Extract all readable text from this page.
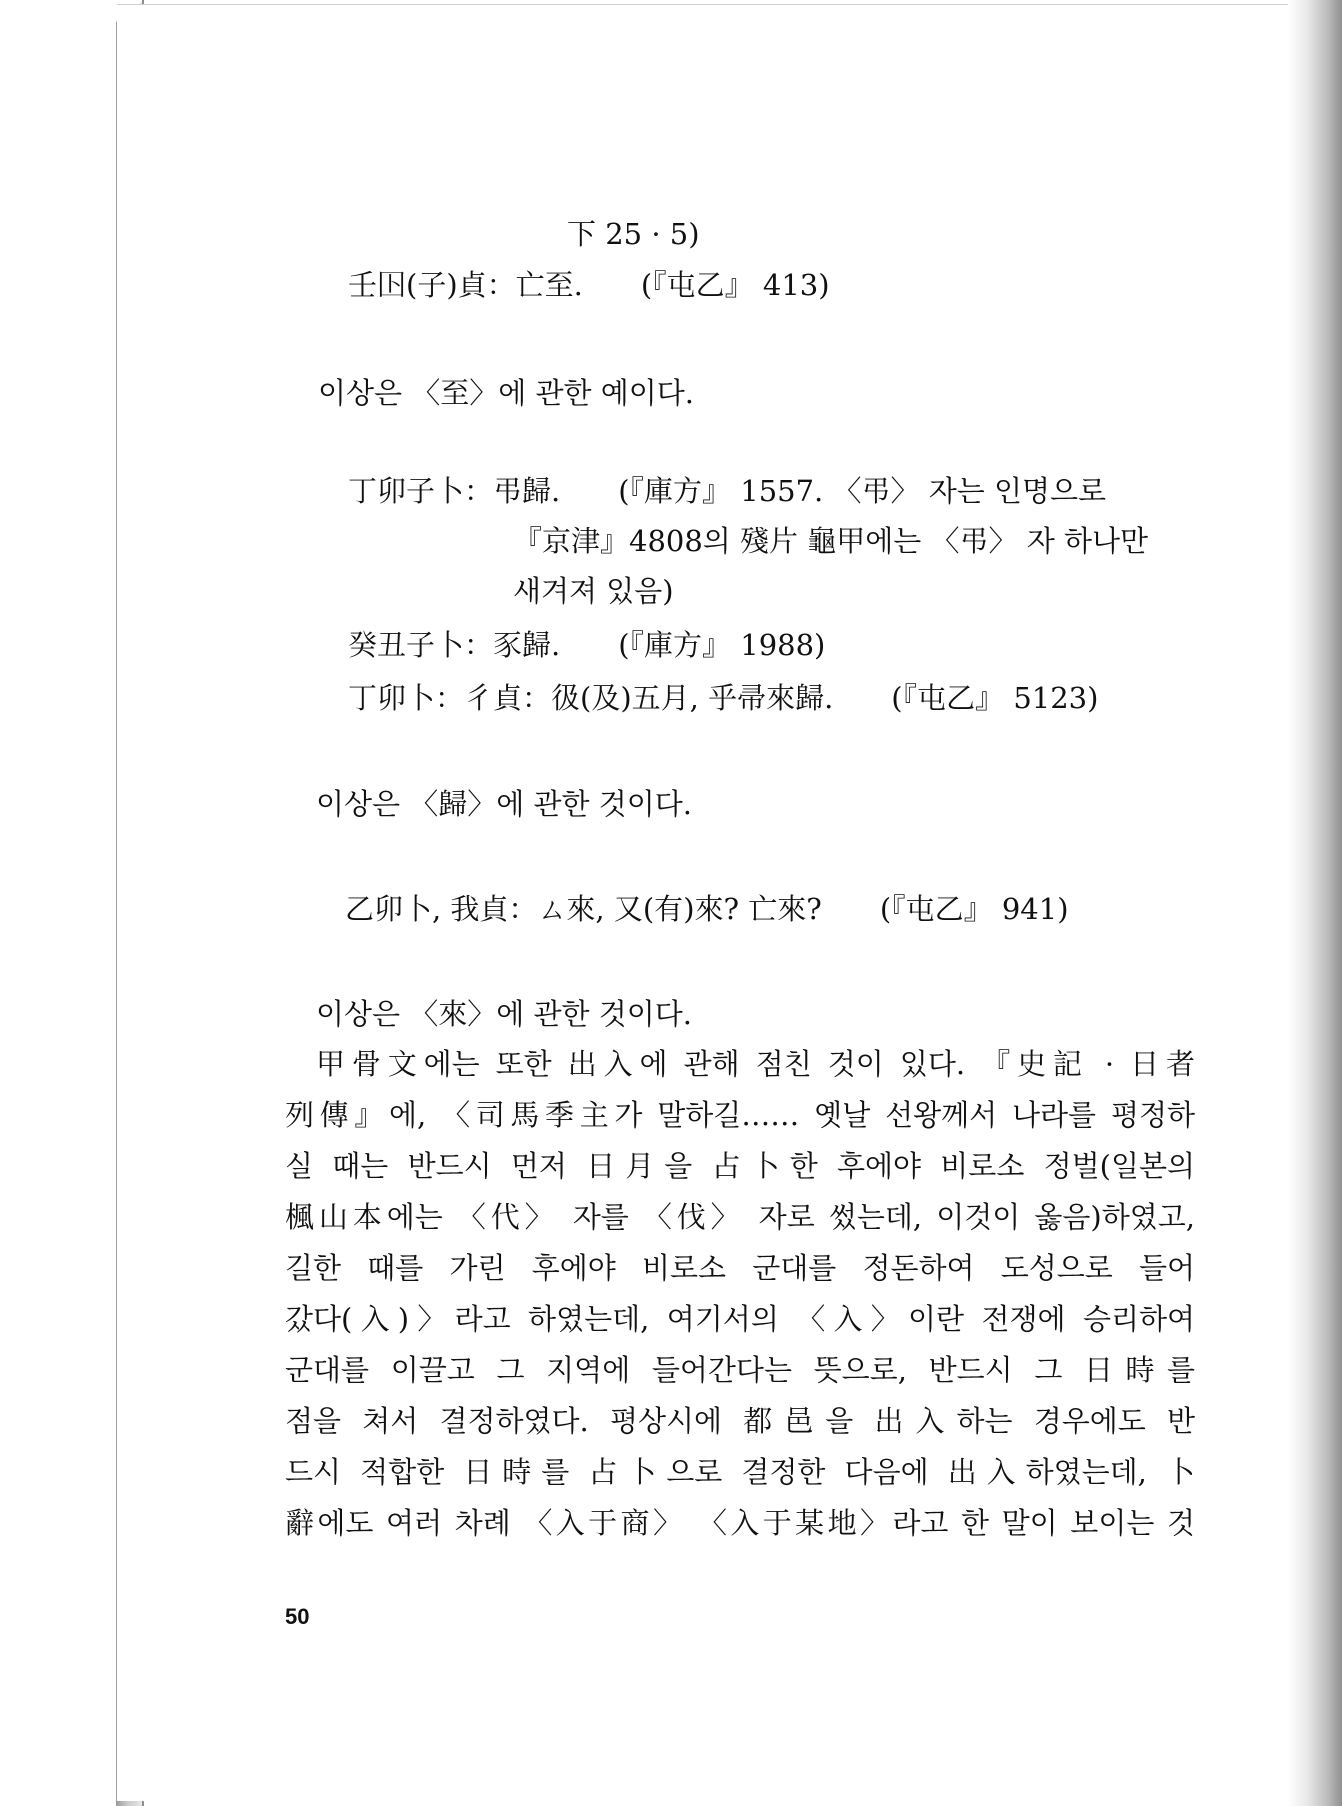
下 25 · 5)
壬𡆥(子)貞：亡至.　　(『屯乙』 413)
이상은 〈至〉에 관한 예이다.
丁卯子卜：弔歸.　　(『庫方』 1557. 〈弔〉 자는 인명으로
『京津』4808의 殘片 龜甲에는 〈弔〉 자 하나만
새겨져 있음)
癸丑子卜：豕歸.　　(『庫方』 1988)
丁卯卜：彳貞：彶(及)五月, 乎帚來歸.　　(『屯乙』 5123)
이상은 〈歸〉에 관한 것이다.
乙卯卜, 我貞：ㄙ來, 又(有)來? 亡來?　　(『屯乙』 941)
이상은 〈來〉에 관한 것이다.
甲骨文에는 또한 出入에 관해 점친 것이 있다. 『史記 · 日者
列傳』에, 〈司馬季主가 말하길…… 옛날 선왕께서 나라를 평정하
실 때는 반드시 먼저 日月을 占卜한 후에야 비로소 정벌(일본의
楓山本에는 〈代〉 자를 〈伐〉 자로 썼는데, 이것이 옳음)하였고,
길한 때를 가린 후에야 비로소 군대를 정돈하여 도성으로 들어
갔다(入)〉라고 하였는데, 여기서의 〈入〉이란 전쟁에 승리하여
군대를 이끌고 그 지역에 들어간다는 뜻으로, 반드시 그 日時를
점을 쳐서 결정하였다. 평상시에 都邑을 出入하는 경우에도 반
드시 적합한 日時를 占卜으로 결정한 다음에 出入하였는데, 卜
辭에도 여러 차례 〈入于商〉 〈入于某地〉라고 한 말이 보이는 것
50
